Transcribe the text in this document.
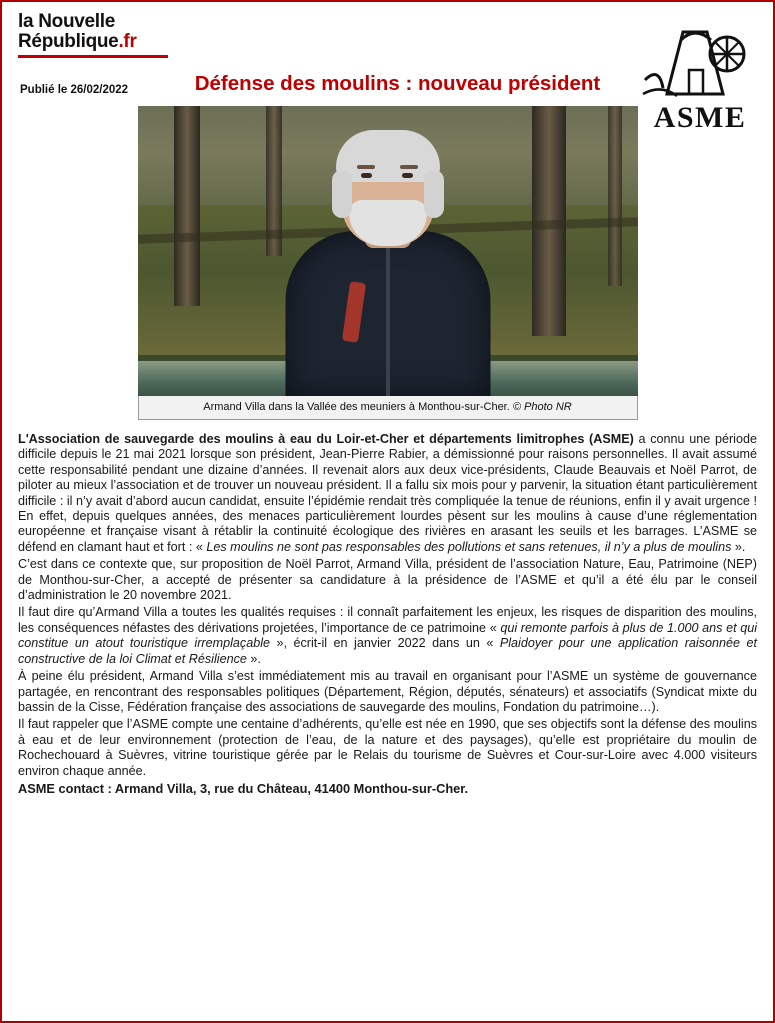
la Nouvelle
République.fr
Publié le 26/02/2022	Défense des moulins : nouveau président
ASME
Armand Villa dans la Vallée des meuniers à Monthou-sur-Cher. © Photo NR

L'Association de sauvegarde des moulins à eau du Loir-et-Cher et départements limitrophes (ASME) a connu une période difficile depuis le 21 mai 2021 lorsque son président, Jean-Pierre Rabier, a démissionné pour raisons personnelles. Il avait assumé cette responsabilité pendant une dizaine d’années. Il revenait alors aux deux vice-présidents, Claude Beauvais et Noël Parrot, de piloter au mieux l’association et de trouver un nouveau président. Il a fallu six mois pour y parvenir, la situation étant particulièrement difficile : il n’y avait d’abord aucun candidat, ensuite l’épidémie rendait très compliquée la tenue de réunions, enfin il y avait urgence ! En effet, depuis quelques années, des menaces particulièrement lourdes pèsent sur les moulins à cause d’une réglementation européenne et française visant à rétablir la continuité écologique des rivières en arasant les seuils et les barrages. L’ASME se défend en clamant haut et fort : « Les moulins ne sont pas responsables des pollutions et sans retenues, il n’y a plus de moulins ».

C’est dans ce contexte que, sur proposition de Noël Parrot, Armand Villa, président de l’association Nature, Eau, Patrimoine (NEP) de Monthou-sur-Cher, a accepté de présenter sa candidature à la présidence de l’ASME et qu’il a été élu par le conseil d’administration le 20 novembre 2021.

Il faut dire qu’Armand Villa a toutes les qualités requises : il connaît parfaitement les enjeux, les risques de disparition des moulins, les conséquences néfastes des dérivations projetées, l’importance de ce patrimoine « qui remonte parfois à plus de 1.000 ans et qui constitue un atout touristique irremplaçable », écrit-il en janvier 2022 dans un « Plaidoyer pour une application raisonnée et constructive de la loi Climat et Résilience ».

À peine élu président, Armand Villa s’est immédiatement mis au travail en organisant pour l’ASME un système de gouvernance partagée, en rencontrant des responsables politiques (Département, Région, députés, sénateurs) et associatifs (Syndicat mixte du bassin de la Cisse, Fédération française des associations de sauvegarde des moulins, Fondation du patrimoine…).

Il faut rappeler que l’ASME compte une centaine d’adhérents, qu’elle est née en 1990, que ses objectifs sont la défense des moulins à eau et de leur environnement (protection de l’eau, de la nature et des paysages), qu’elle est propriétaire du moulin de Rochechouard à Suèvres, vitrine touristique gérée par le Relais du tourisme de Suèvres et Cour-sur-Loire avec 4.000 visiteurs environ chaque année.

ASME contact : Armand Villa, 3, rue du Château, 41400 Monthou-sur-Cher.
